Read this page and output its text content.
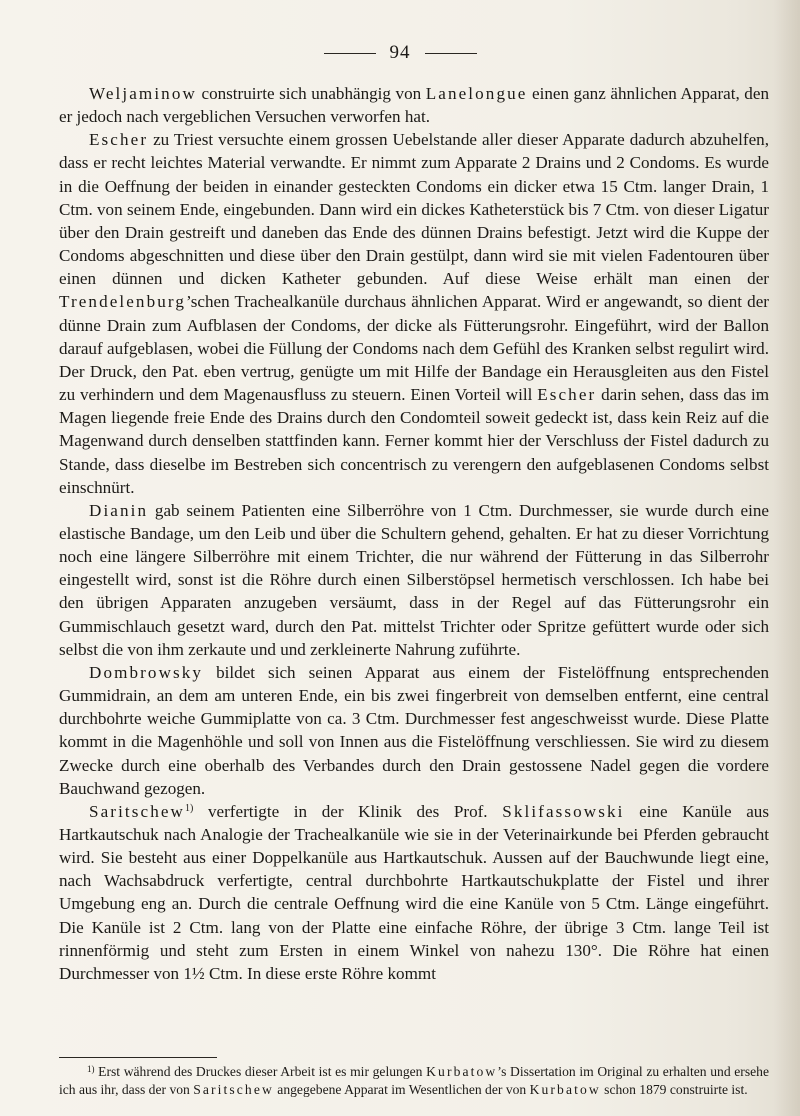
94

Weljaminow construirte sich unabhängig von Lanelongue einen ganz ähnlichen Apparat, den er jedoch nach vergeblichen Versuchen verworfen hat.

Escher zu Triest versuchte einem grossen Uebelstande aller dieser Apparate dadurch abzuhelfen, dass er recht leichtes Material verwandte. Er nimmt zum Apparate 2 Drains und 2 Condoms. Es wurde in die Oeffnung der beiden in einander gesteckten Condoms ein dicker etwa 15 Ctm. langer Drain, 1 Ctm. von seinem Ende, eingebunden. Dann wird ein dickes Katheterstück bis 7 Ctm. von dieser Ligatur über den Drain gestreift und daneben das Ende des dünnen Drains befestigt. Jetzt wird die Kuppe der Condoms abgeschnitten und diese über den Drain gestülpt, dann wird sie mit vielen Fadentouren über einen dünnen und dicken Katheter gebunden. Auf diese Weise erhält man einen der Trendelenburg’schen Trachealkanüle durchaus ähnlichen Apparat. Wird er angewandt, so dient der dünne Drain zum Aufblasen der Condoms, der dicke als Fütterungsrohr. Eingeführt, wird der Ballon darauf aufgeblasen, wobei die Füllung der Condoms nach dem Gefühl des Kranken selbst regulirt wird. Der Druck, den Pat. eben vertrug, genügte um mit Hilfe der Bandage ein Herausgleiten aus den Fistel zu verhindern und dem Magenausfluss zu steuern. Einen Vorteil will Escher darin sehen, dass das im Magen liegende freie Ende des Drains durch den Condomteil soweit gedeckt ist, dass kein Reiz auf die Magenwand durch denselben stattfinden kann. Ferner kommt hier der Verschluss der Fistel dadurch zu Stande, dass dieselbe im Bestreben sich concentrisch zu verengern den aufgeblasenen Condoms selbst einschnürt.

Dianin gab seinem Patienten eine Silberröhre von 1 Ctm. Durchmesser, sie wurde durch eine elastische Bandage, um den Leib und über die Schultern gehend, gehalten. Er hat zu dieser Vorrichtung noch eine längere Silberröhre mit einem Trichter, die nur während der Fütterung in das Silberrohr eingestellt wird, sonst ist die Röhre durch einen Silberstöpsel hermetisch verschlossen. Ich habe bei den übrigen Apparaten anzugeben versäumt, dass in der Regel auf das Fütterungsrohr ein Gummischlauch gesetzt ward, durch den Pat. mittelst Trichter oder Spritze gefüttert wurde oder sich selbst die von ihm zerkaute und und zerkleinerte Nahrung zuführte.

Dombrowsky bildet sich seinen Apparat aus einem der Fistelöffnung entsprechenden Gummidrain, an dem am unteren Ende, ein bis zwei fingerbreit von demselben entfernt, eine central durchbohrte weiche Gummiplatte von ca. 3 Ctm. Durchmesser fest angeschweisst wurde. Diese Platte kommt in die Magenhöhle und soll von Innen aus die Fistelöffnung verschliessen. Sie wird zu diesem Zwecke durch eine oberhalb des Verbandes durch den Drain gestossene Nadel gegen die vordere Bauchwand gezogen.

Saritschew$^{1)}$ verfertigte in der Klinik des Prof. Sklifassowski eine Kanüle aus Hartkautschuk nach Analogie der Trachealkanüle wie sie in der Veterinairkunde bei Pferden gebraucht wird. Sie besteht aus einer Doppelkanüle aus Hartkautschuk. Aussen auf der Bauchwunde liegt eine, nach Wachsabdruck verfertigte, central durchbohrte Hartkautschukplatte der Fistel und ihrer Umgebung eng an. Durch die centrale Oeffnung wird die eine Kanüle von 5 Ctm. Länge eingeführt. Die Kanüle ist 2 Ctm. lang von der Platte eine einfache Röhre, der übrige 3 Ctm. lange Teil ist rinnenförmig und steht zum Ersten in einem Winkel von nahezu 130°. Die Röhre hat einen Durchmesser von 1½ Ctm. In diese erste Röhre kommt

$^{1)}$ Erst während des Druckes dieser Arbeit ist es mir gelungen Kurbatow’s Dissertation im Original zu erhalten und ersehe ich aus ihr, dass der von Saritschew angegebene Apparat im Wesentlichen der von Kurbatow schon 1879 construirte ist.
